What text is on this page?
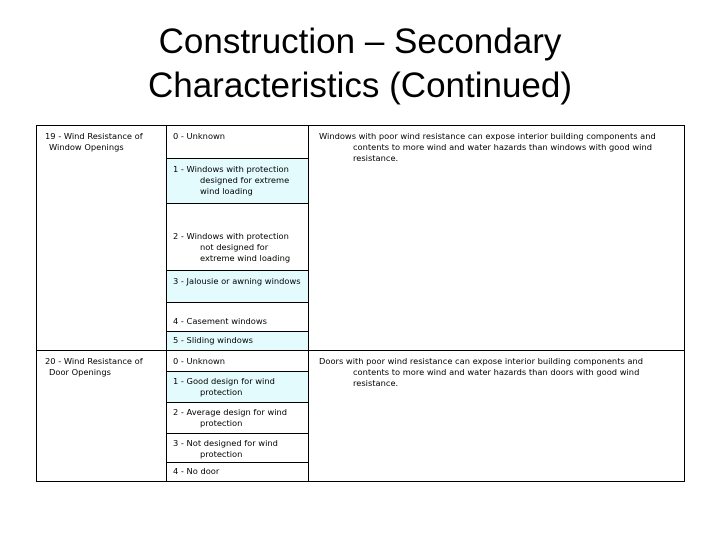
Construction – Secondary
Characteristics (Continued)
19 - Wind Resistance of Window Openings	0 - Unknown	Windows with poor wind resistance can expose interior building components and contents to more wind and water hazards than windows with good wind resistance.

	1 - Windows with protection designed for extreme wind loading	

	2 - Windows with protection not designed for extreme wind loading	

	3 - Jalousie or awning windows	

	4 - Casement windows	

	5 - Sliding windows	

20 - Wind Resistance of Door Openings	0 - Unknown	Doors with poor wind resistance can expose interior building components and contents to more wind and water hazards than doors with good wind resistance.

	1 - Good design for wind protection	

	2 - Average design for wind protection	

	3 - Not designed for wind protection	

	4 - No door	
